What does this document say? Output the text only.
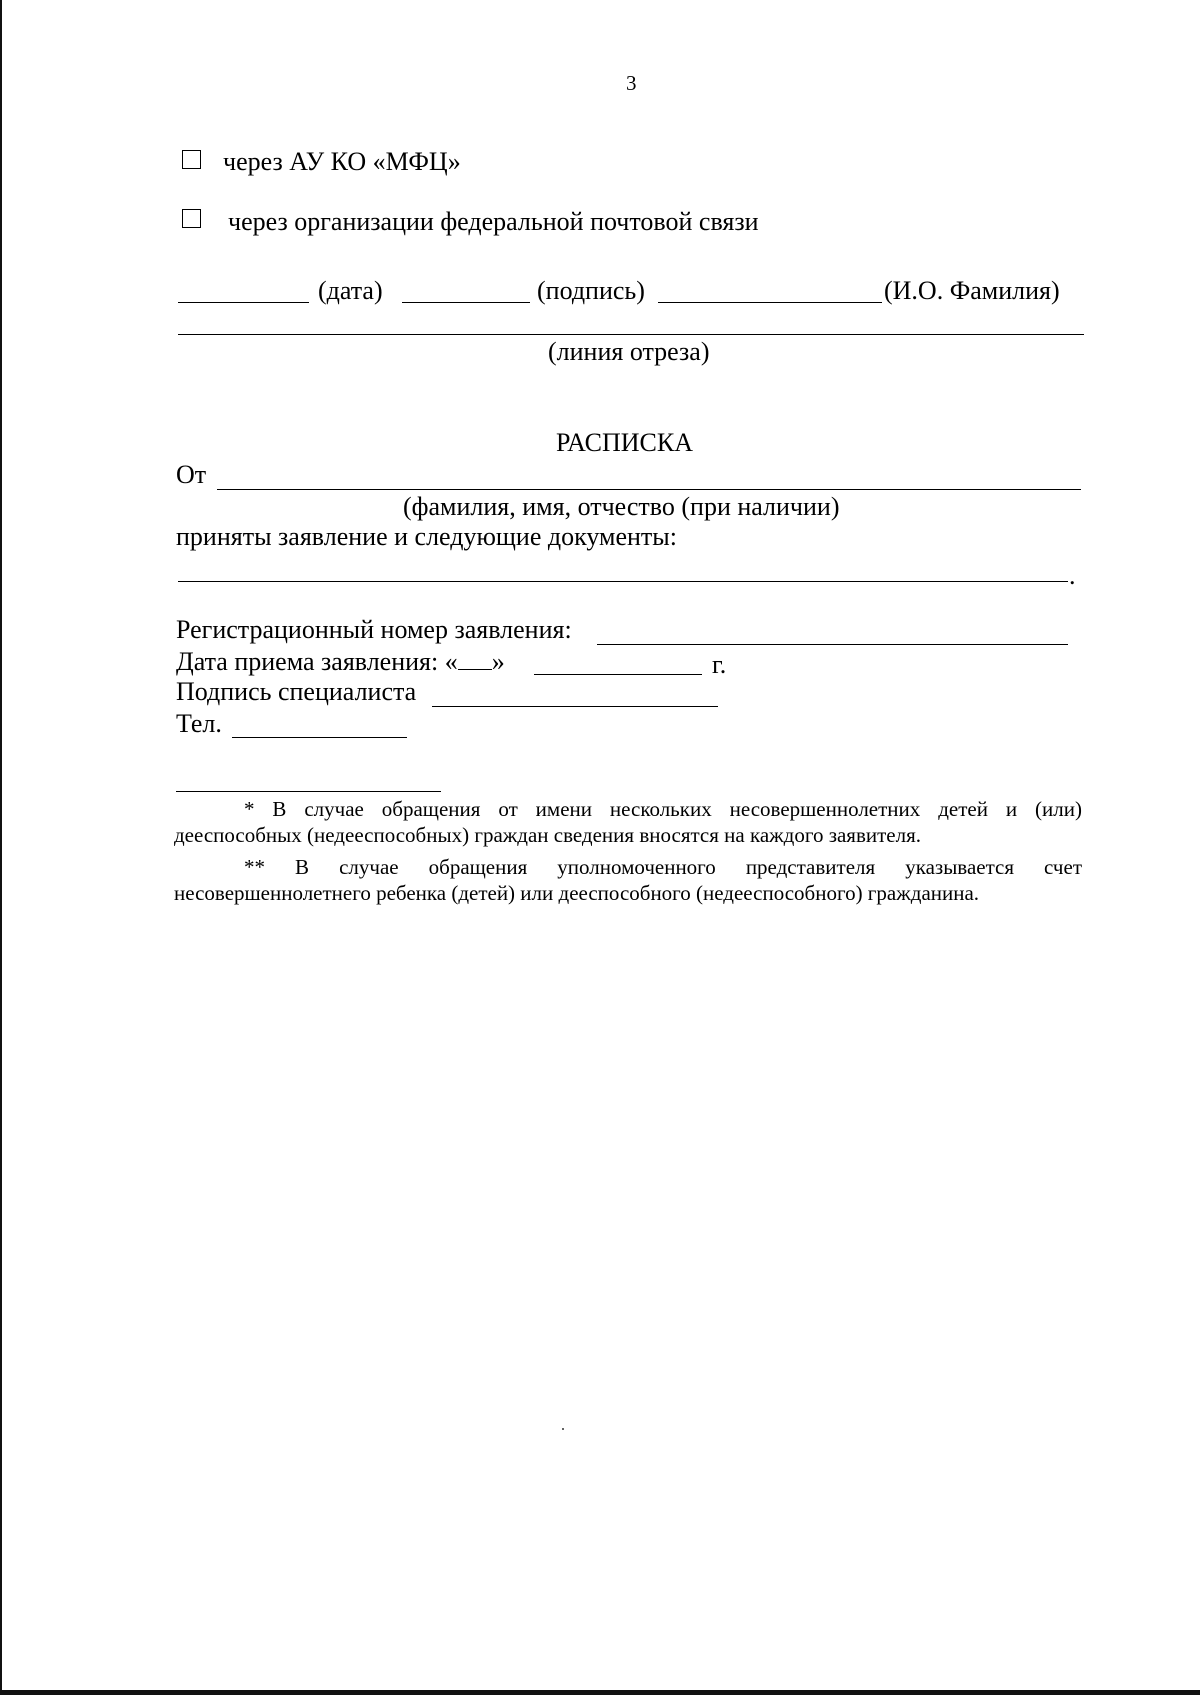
3
через АУ КО «МФЦ»
через организации федеральной почтовой связи
(дата)	(подпись)	(И.О. Фамилия)
(линия отреза)
РАСПИСКА
От
(фамилия, имя, отчество (при наличии)
приняты заявление и следующие документы:
.
Регистрационный номер заявления:
Дата приема заявления: « »	г.
Подпись специалиста
Тел.
* В случае обращения от имени нескольких несовершеннолетних детей и (или) дееспособных (недееспособных) граждан сведения вносятся на каждого заявителя.
** В случае обращения уполномоченного представителя указывается счет несовершеннолетнего ребенка (детей) или дееспособного (недееспособного) гражданина.
